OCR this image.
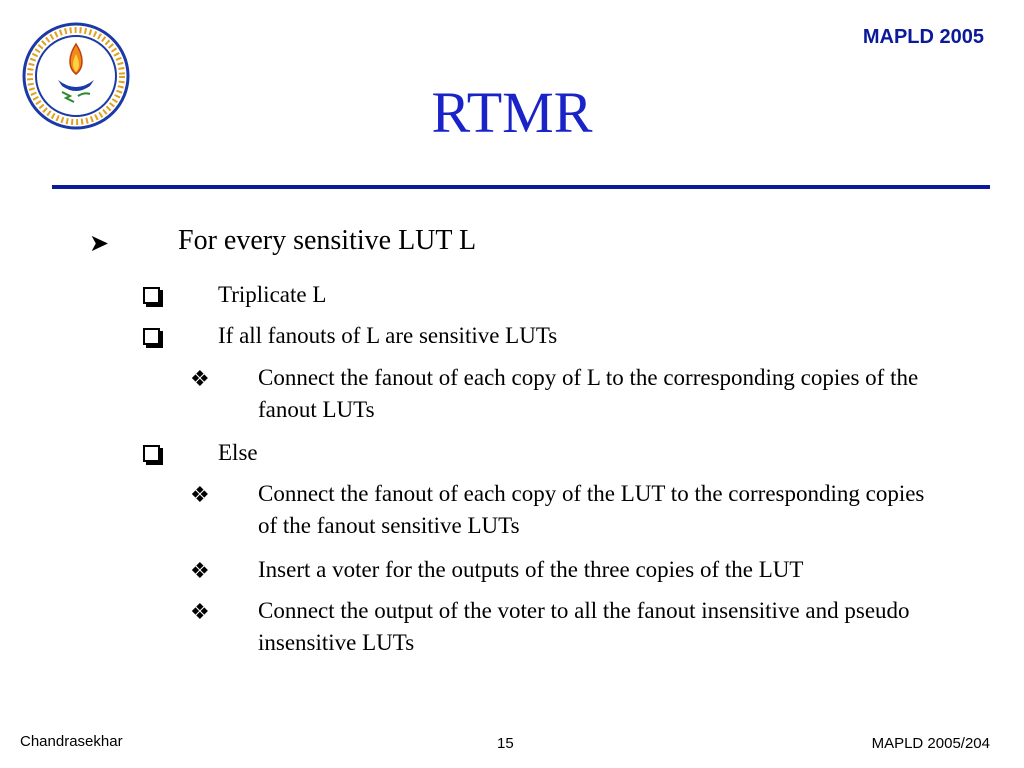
MAPLD 2005
RTMR
➤ For every sensitive LUT L
Triplicate L
If all fanouts of L are sensitive LUTs
❖ Connect the fanout of each copy of L to the corresponding copies of the fanout LUTs
Else
❖ Connect the fanout of each copy of the LUT to the corresponding copies of the fanout sensitive LUTs
❖ Insert a voter for the outputs of the three copies of the LUT
❖ Connect the output of the voter to all the fanout insensitive and pseudo insensitive LUTs
Chandrasekhar	15	MAPLD 2005/204
